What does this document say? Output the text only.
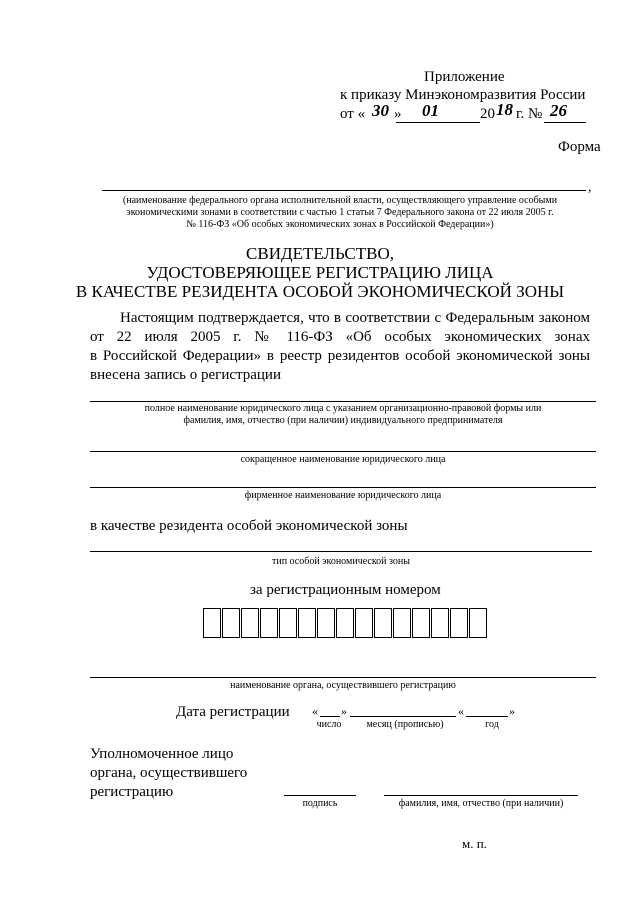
Приложение
к приказу Минэкономразвития России
от « 30 » 01	20 18 г. № 26
Форма
,
(наименование федерального органа исполнительной власти, осуществляющего управление особыми
экономическими зонами в соответствии с частью 1 статьи 7 Федерального закона от 22 июля 2005 г.
№ 116-ФЗ «Об особых экономических зонах в Российской Федерации»)
СВИДЕТЕЛЬСТВО,
УДОСТОВЕРЯЮЩЕЕ РЕГИСТРАЦИЮ ЛИЦА
В КАЧЕСТВЕ РЕЗИДЕНТА ОСОБОЙ ЭКОНОМИЧЕСКОЙ ЗОНЫ
Настоящим подтверждается, что в соответствии с Федеральным законом
от 22 июля 2005 г. № 116-ФЗ «Об особых экономических зонах
в Российской Федерации» в реестр резидентов особой экономической зоны
внесена запись о регистрации
полное наименование юридического лица с указанием организационно-правовой формы или
фамилия, имя, отчество (при наличии) индивидуального предпринимателя
сокращенное наименование юридического лица
фирменное наименование юридического лица
в качестве резидента особой экономической зоны
тип особой экономической зоны
за регистрационным номером
наименование органа, осуществившего регистрацию
Дата регистрации « »	«	»
число	месяц (прописью)	год
Уполномоченное лицо
органа, осуществившего
регистрацию
подпись	фамилия, имя, отчество (при наличии)
м. п.
